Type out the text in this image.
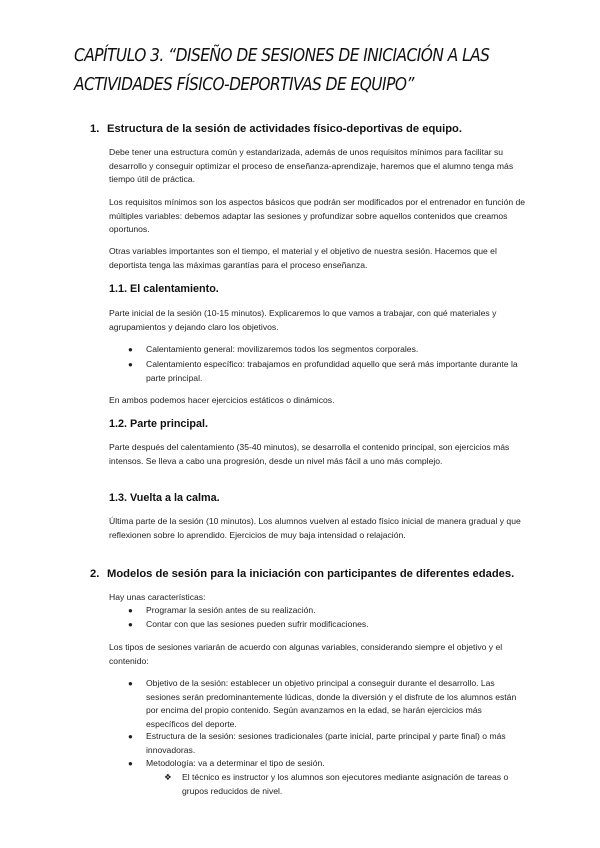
CAPÍTULO 3. “DISEÑO DE SESIONES DE INICIACIÓN A LAS ACTIVIDADES FÍSICO-DEPORTIVAS DE EQUIPO”
1. Estructura de la sesión de actividades físico-deportivas de equipo.
Debe tener una estructura común y estandarizada, además de unos requisitos mínimos para facilitar su desarrollo y conseguir optimizar el proceso de enseñanza-aprendizaje, haremos que el alumno tenga más tiempo útil de práctica.
Los requisitos mínimos son los aspectos básicos que podrán ser modificados por el entrenador en función de múltiples variables: debemos adaptar las sesiones y profundizar sobre aquellos contenidos que creamos oportunos.
Otras variables importantes son el tiempo, el material y el objetivo de nuestra sesión. Hacemos que el deportista tenga las máximas garantías para el proceso enseñanza.
1.1. El calentamiento.
Parte inicial de la sesión (10-15 minutos). Explicaremos lo que vamos a trabajar, con qué materiales y agrupamientos y dejando claro los objetivos.
● Calentamiento general: movilizaremos todos los segmentos corporales.
● Calentamiento específico: trabajamos en profundidad aquello que será más importante durante la parte principal.
En ambos podemos hacer ejercicios estáticos o dinámicos.
1.2. Parte principal.
Parte después del calentamiento (35-40 minutos), se desarrolla el contenido principal, son ejercicios más intensos. Se lleva a cabo una progresión, desde un nivel más fácil a uno más complejo.
1.3. Vuelta a la calma.
Última parte de la sesión (10 minutos). Los alumnos vuelven al estado físico inicial de manera gradual y que reflexionen sobre lo aprendido. Ejercicios de muy baja intensidad o relajación.
2. Modelos de sesión para la iniciación con participantes de diferentes edades.
Hay unas características:
● Programar la sesión antes de su realización.
● Contar con que las sesiones pueden sufrir modificaciones.
Los tipos de sesiones variarán de acuerdo con algunas variables, considerando siempre el objetivo y el contenido:
● Objetivo de la sesión: establecer un objetivo principal a conseguir durante el desarrollo. Las sesiones serán predominantemente lúdicas, donde la diversión y el disfrute de los alumnos están por encima del propio contenido. Según avanzamos en la edad, se harán ejercicios más específicos del deporte.
● Estructura de la sesión: sesiones tradicionales (parte inicial, parte principal y parte final) o más innovadoras.
● Metodología: va a determinar el tipo de sesión.
❖ El técnico es instructor y los alumnos son ejecutores mediante asignación de tareas o grupos reducidos de nivel.
